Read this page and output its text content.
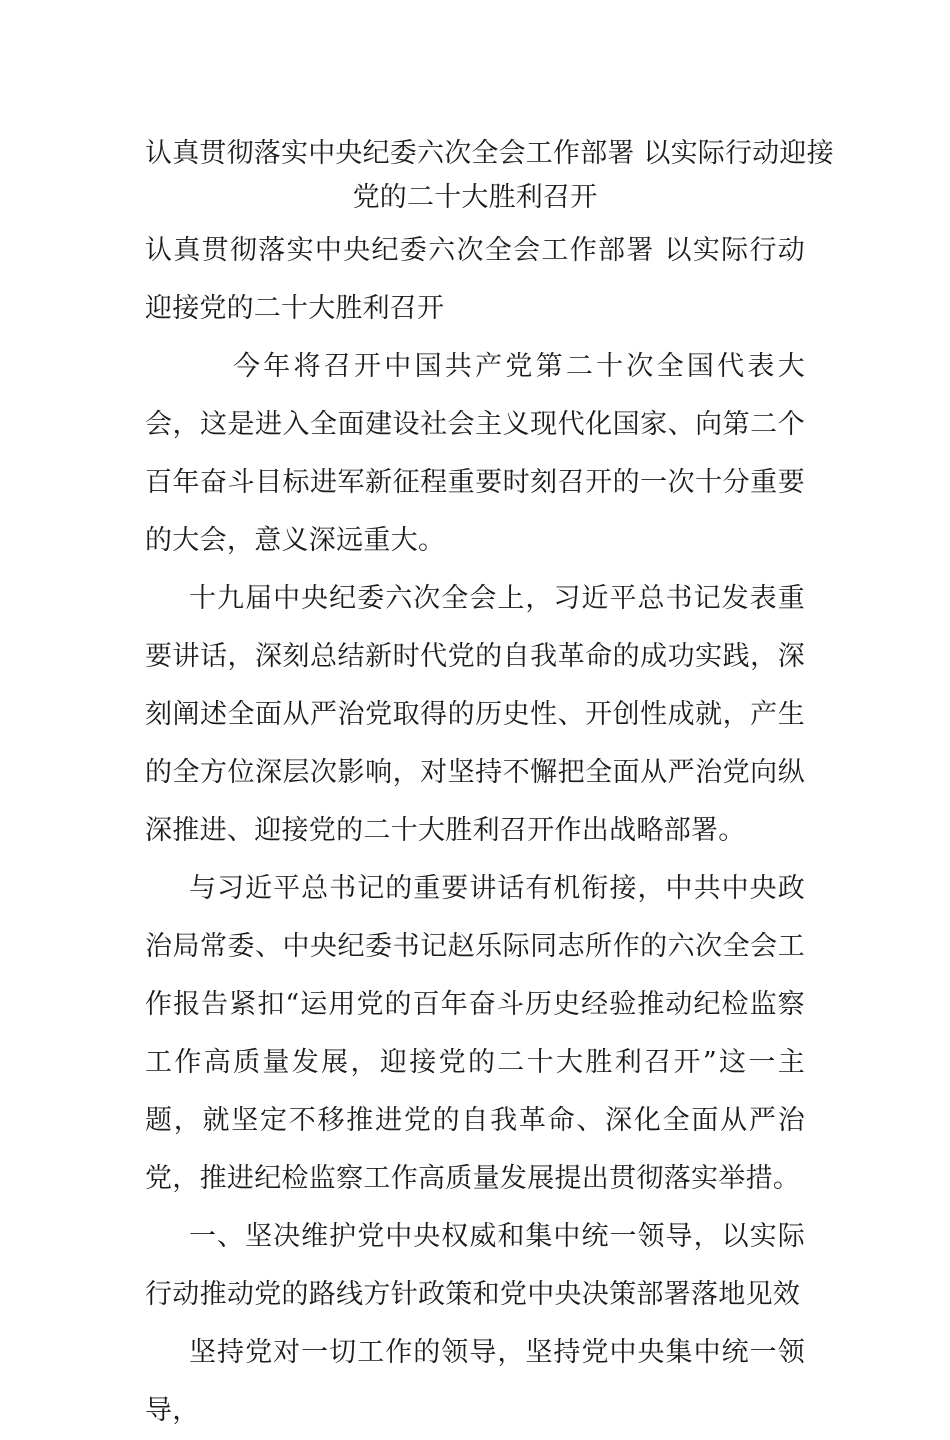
认真贯彻落实中央纪委六次全会工作部署 以实际行动迎接
党的二十大胜利召开

认真贯彻落实中央纪委六次全会工作部署 以实际行动迎接党的二十大胜利召开

今年将召开中国共产党第二十次全国代表大会，这是进入全面建设社会主义现代化国家、向第二个百年奋斗目标进军新征程重要时刻召开的一次十分重要的大会，意义深远重大。

十九届中央纪委六次全会上，习近平总书记发表重要讲话，深刻总结新时代党的自我革命的成功实践，深刻阐述全面从严治党取得的历史性、开创性成就，产生的全方位深层次影响，对坚持不懈把全面从严治党向纵深推进、迎接党的二十大胜利召开作出战略部署。

与习近平总书记的重要讲话有机衔接，中共中央政治局常委、中央纪委书记赵乐际同志所作的六次全会工作报告紧扣“运用党的百年奋斗历史经验推动纪检监察工作高质量发展，迎接党的二十大胜利召开”这一主题，就坚定不移推进党的自我革命、深化全面从严治党，推进纪检监察工作高质量发展提出贯彻落实举措。

一、坚决维护党中央权威和集中统一领导，以实际行动推动党的路线方针政策和党中央决策部署落地见效

坚持党对一切工作的领导，坚持党中央集中统一领导，
